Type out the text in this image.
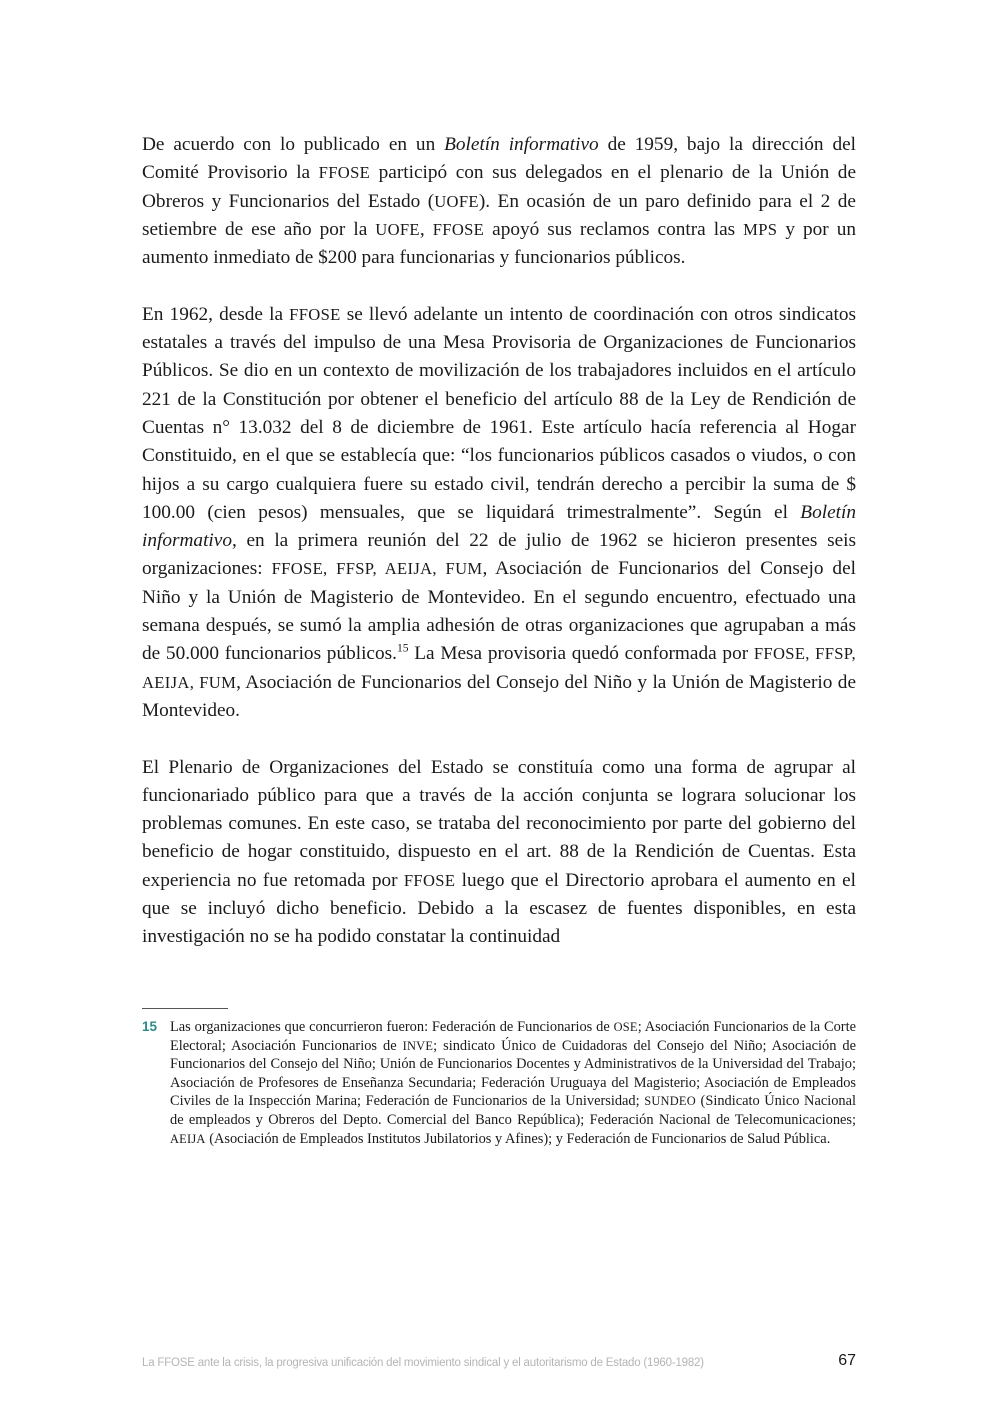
De acuerdo con lo publicado en un Boletín informativo de 1959, bajo la dirección del Comité Provisorio la FFOSE participó con sus delegados en el plenario de la Unión de Obreros y Funcionarios del Estado (UOFE). En ocasión de un paro definido para el 2 de setiembre de ese año por la UOFE, FFOSE apoyó sus reclamos contra las MPS y por un aumento inmediato de $200 para funcionarias y funcionarios públicos.

En 1962, desde la FFOSE se llevó adelante un intento de coordinación con otros sindicatos estatales a través del impulso de una Mesa Provisoria de Organizaciones de Funcionarios Públicos. Se dio en un contexto de movilización de los trabajadores incluidos en el artículo 221 de la Constitución por obtener el beneficio del artículo 88 de la Ley de Rendición de Cuentas n° 13.032 del 8 de diciembre de 1961. Este artículo hacía referencia al Hogar Constituido, en el que se establecía que: “los funcionarios públicos casados o viudos, o con hijos a su cargo cualquiera fuere su estado civil, tendrán derecho a percibir la suma de $ 100.00 (cien pesos) mensuales, que se liquidará trimestralmente”. Según el Boletín informativo, en la primera reunión del 22 de julio de 1962 se hicieron presentes seis organizaciones: FFOSE, FFSP, AEIJA, FUM, Asociación de Funcionarios del Consejo del Niño y la Unión de Magisterio de Montevideo. En el segundo encuentro, efectuado una semana después, se sumó la amplia adhesión de otras organizaciones que agrupaban a más de 50.000 funcionarios públicos.$^{15}$ La Mesa provisoria quedó conformada por FFOSE, FFSP, AEIJA, FUM, Asociación de Funcionarios del Consejo del Niño y la Unión de Magisterio de Montevideo.

El Plenario de Organizaciones del Estado se constituía como una forma de agrupar al funcionariado público para que a través de la acción conjunta se lograra solucionar los problemas comunes. En este caso, se trataba del reconocimiento por parte del gobierno del beneficio de hogar constituido, dispuesto en el art. 88 de la Rendición de Cuentas. Esta experiencia no fue retomada por FFOSE luego que el Directorio aprobara el aumento en el que se incluyó dicho beneficio. Debido a la escasez de fuentes disponibles, en esta investigación no se ha podido constatar la continuidad

15 Las organizaciones que concurrieron fueron: Federación de Funcionarios de OSE; Asociación Funcionarios de la Corte Electoral; Asociación Funcionarios de INVE; sindicato Único de Cuidadoras del Consejo del Niño; Asociación de Funcionarios del Consejo del Niño; Unión de Funcionarios Docentes y Administrativos de la Universidad del Trabajo; Asociación de Profesores de Enseñanza Secundaria; Federación Uruguaya del Magisterio; Asociación de Empleados Civiles de la Inspección Marina; Federación de Funcionarios de la Universidad; SUNDEO (Sindicato Único Nacional de empleados y Obreros del Depto. Comercial del Banco República); Federación Nacional de Telecomunicaciones; AEIJA (Asociación de Empleados Institutos Jubilatorios y Afines); y Federación de Funcionarios de Salud Pública.
La FFOSE ante la crisis, la progresiva unificación del movimiento sindical y el autoritarismo de Estado (1960-1982)	67
